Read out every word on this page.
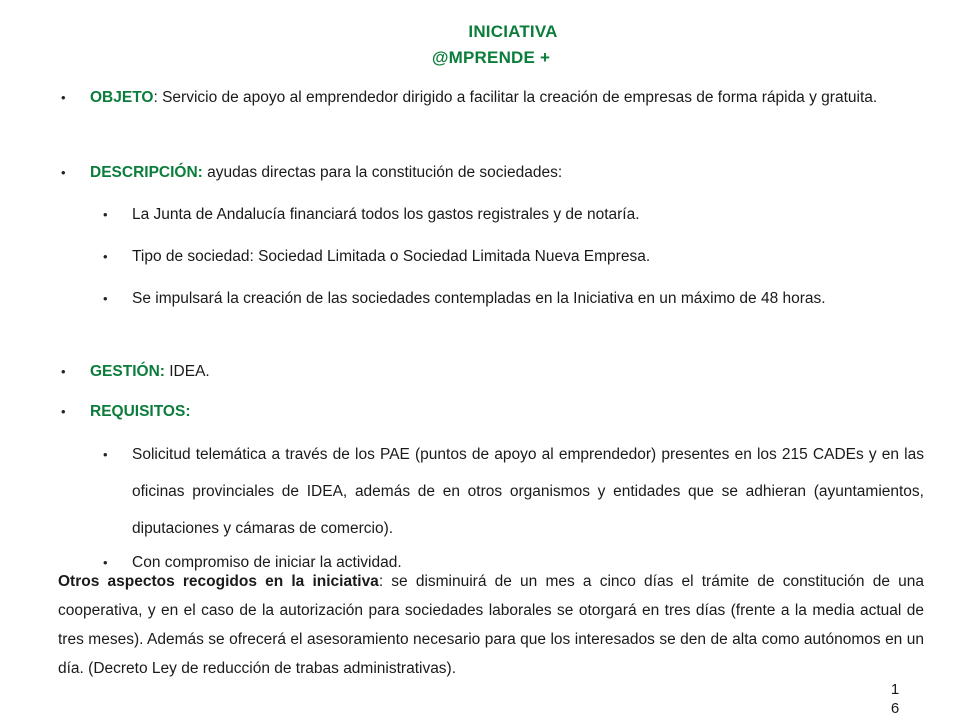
INICIATIVA
@MPRENDE +
• OBJETO: Servicio de apoyo al emprendedor dirigido a facilitar la creación de empresas de forma rápida y gratuita.
• DESCRIPCIÓN: ayudas directas para la constitución de sociedades:
• La Junta de Andalucía financiará todos los gastos registrales y de notaría.
• Tipo de sociedad: Sociedad Limitada o Sociedad Limitada Nueva Empresa.
• Se impulsará la creación de las sociedades contempladas en la Iniciativa en un máximo de 48 horas.
• GESTIÓN: IDEA.
• REQUISITOS:
• Solicitud telemática a través de los PAE (puntos de apoyo al emprendedor) presentes en los 215 CADEs y en las oficinas provinciales de IDEA, además de en otros organismos y entidades que se adhieran (ayuntamientos, diputaciones y cámaras de comercio).
• Con compromiso de iniciar la actividad.
Otros aspectos recogidos en la iniciativa: se disminuirá de un mes a cinco días el trámite de constitución de una cooperativa, y en el caso de la autorización para sociedades laborales se otorgará en tres días (frente a la media actual de tres meses). Además se ofrecerá el asesoramiento necesario para que los interesados se den de alta como autónomos en un día. (Decreto Ley de reducción de trabas administrativas).
1
6
